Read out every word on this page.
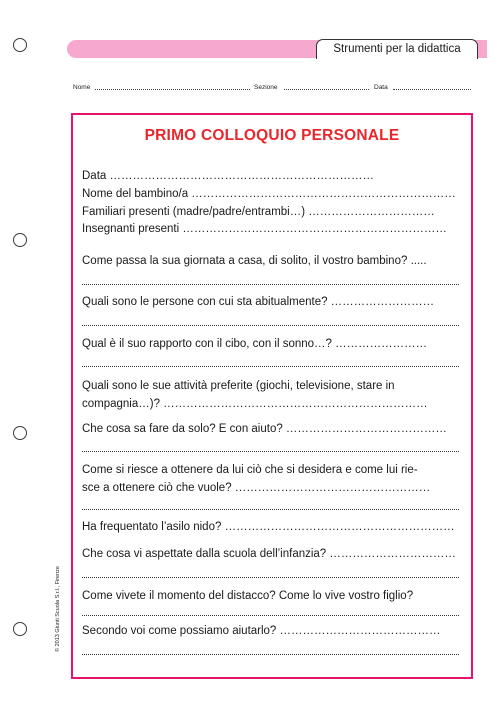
Strumenti per la didattica
Nome	Sezione	Data
PRIMO COLLOQUIO PERSONALE
Data ……………………………………………………………
Nome del bambino/a ……………………………………………………………
Familiari presenti (madre/padre/entrambi…) ……………………………
Insegnanti presenti ……………………………………………………………
Come passa la sua giornata a casa, di solito, il vostro bambino? .....
Quali sono le persone con cui sta abitualmente? ………………………
Qual è il suo rapporto con il cibo, con il sonno…? ……………………
Quali sono le sue attività preferite (giochi, televisione, stare in
compagnia…)? ……………………………………………………………
Che cosa sa fare da solo? E con aiuto? ……………………………………
Come si riesce a ottenere da lui ciò che si desidera e come lui rie-
sce a ottenere ciò che vuole? ……………………………………………
Ha frequentato l’asilo nido? ……………………………………………………
Che cosa vi aspettate dalla scuola dell’infanzia? ……………………………
Come vivete il momento del distacco? Come lo vive vostro figlio?
Secondo voi come possiamo aiutarlo? ……………………………………
© 2013 Giunti Scuola S.r.l., Firenze
